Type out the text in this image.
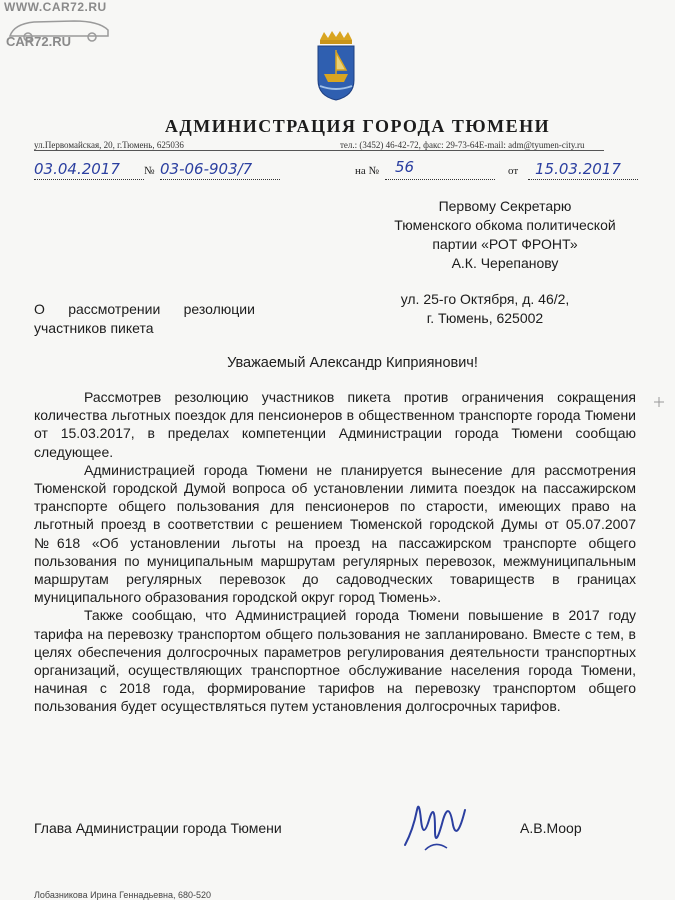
WWW.CAR72.RU
CAR72.RU
АДМИНИСТРАЦИЯ ГОРОДА ТЮМЕНИ
ул.Первомайская, 20, г.Тюмень, 625036	тел.: (3452) 46-42-72, факс: 29-73-64E-mail: adm@tyumen-city.ru
03.04.2017 № 03-06-903/7	на № 56	от 15.03.2017
Первому Секретарю
Тюменского обкома политической
партии «РОТ ФРОНТ»
А.К. Черепанову
О      рассмотрении      резолюции
участников пикета
ул. 25-го Октября, д. 46/2,
г. Тюмень, 625002
Уважаемый Александр Киприянович!

Рассмотрев резолюцию участников пикета против ограничения сокращения количества льготных поездок для пенсионеров в общественном транспорте города Тюмени от 15.03.2017, в пределах компетенции Администрации города Тюмени сообщаю следующее.

Администрацией города Тюмени не планируется вынесение для рассмотрения Тюменской городской Думой вопроса об установлении лимита поездок на пассажирском транспорте общего пользования для пенсионеров по старости, имеющих право на льготный проезд в соответствии с решением Тюменской городской Думы от 05.07.2007 №618 «Об установлении льготы на проезд на пассажирском транспорте общего пользования по муниципальным маршрутам регулярных перевозок, межмуниципальным маршрутам регулярных перевозок до садоводческих товариществ в границах муниципального образования городской округ город Тюмень».

Также сообщаю, что Администрацией города Тюмени повышение в 2017 году тарифа на перевозку транспортом общего пользования не запланировано. Вместе с тем, в целях обеспечения долгосрочных параметров регулирования деятельности транспортных организаций, осуществляющих транспортное обслуживание населения города Тюмени, начиная с 2018 года, формирование тарифов на перевозку транспортом общего пользования будет осуществляться путем установления долгосрочных тарифов.

Глава Администрации города Тюмени	А.В.Моор
Лобазникова Ирина Геннадьевна, 680-520
